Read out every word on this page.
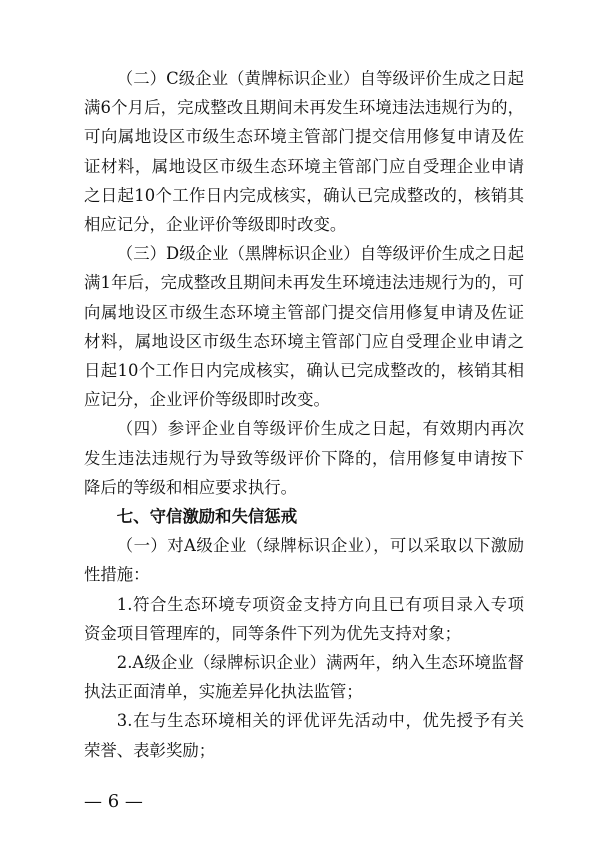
（二）C级企业（黄牌标识企业）自等级评价生成之日起满6个月后，完成整改且期间未再发生环境违法违规行为的，可向属地设区市级生态环境主管部门提交信用修复申请及佐证材料，属地设区市级生态环境主管部门应自受理企业申请之日起10个工作日内完成核实，确认已完成整改的，核销其相应记分，企业评价等级即时改变。

（三）D级企业（黑牌标识企业）自等级评价生成之日起满1年后，完成整改且期间未再发生环境违法违规行为的，可向属地设区市级生态环境主管部门提交信用修复申请及佐证材料，属地设区市级生态环境主管部门应自受理企业申请之日起10个工作日内完成核实，确认已完成整改的，核销其相应记分，企业评价等级即时改变。

（四）参评企业自等级评价生成之日起，有效期内再次发生违法违规行为导致等级评价下降的，信用修复申请按下降后的等级和相应要求执行。

七、守信激励和失信惩戒

（一）对A级企业（绿牌标识企业），可以采取以下激励性措施：

1.符合生态环境专项资金支持方向且已有项目录入专项资金项目管理库的，同等条件下列为优先支持对象；

2.A级企业（绿牌标识企业）满两年，纳入生态环境监督执法正面清单，实施差异化执法监管；

3.在与生态环境相关的评优评先活动中，优先授予有关荣誉、表彰奖励；

— 6 —
